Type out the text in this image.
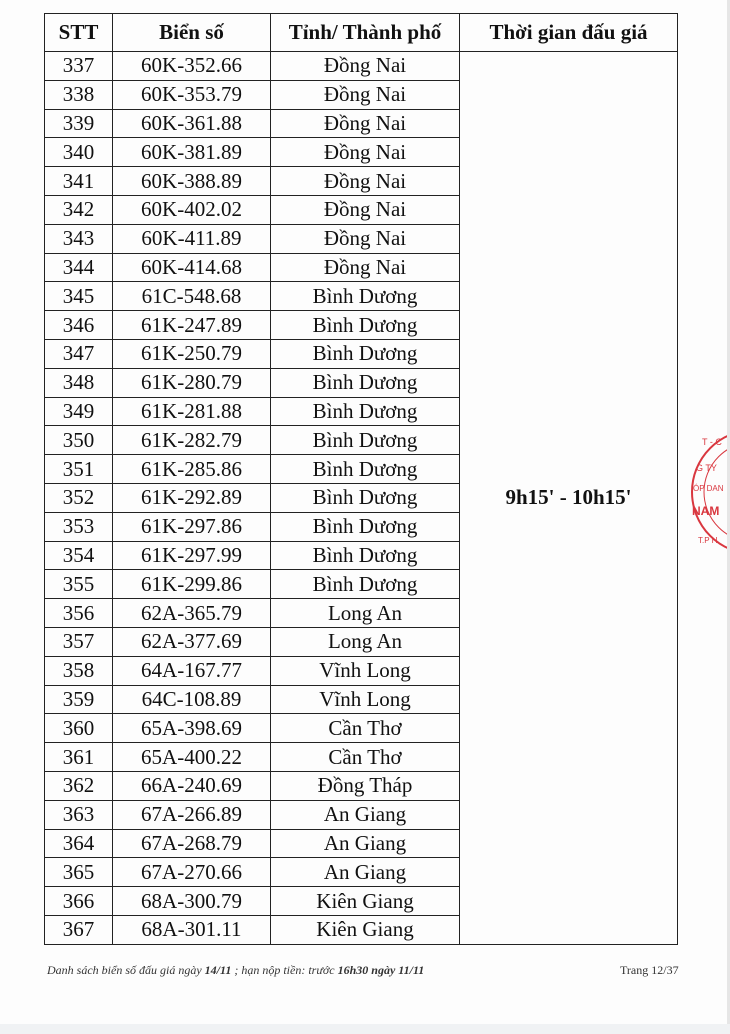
STT	Biển số	Tỉnh/ Thành phố	Thời gian đấu giá
337	60K-352.66	Đồng Nai	9h15' - 10h15'
338	60K-353.79	Đồng Nai	
339	60K-361.88	Đồng Nai	
340	60K-381.89	Đồng Nai	
341	60K-388.89	Đồng Nai	
342	60K-402.02	Đồng Nai	
343	60K-411.89	Đồng Nai	
344	60K-414.68	Đồng Nai	
345	61C-548.68	Bình Dương	
346	61K-247.89	Bình Dương	
347	61K-250.79	Bình Dương	
348	61K-280.79	Bình Dương	
349	61K-281.88	Bình Dương	
350	61K-282.79	Bình Dương	
351	61K-285.86	Bình Dương	
352	61K-292.89	Bình Dương	
353	61K-297.86	Bình Dương	
354	61K-297.99	Bình Dương	
355	61K-299.86	Bình Dương	
356	62A-365.79	Long An	
357	62A-377.69	Long An	
358	64A-167.77	Vĩnh Long	
359	64C-108.89	Vĩnh Long	
360	65A-398.69	Cần Thơ	
361	65A-400.22	Cần Thơ	
362	66A-240.69	Đồng Tháp	
363	67A-266.89	An Giang	
364	67A-268.79	An Giang	
365	67A-270.66	An Giang	
366	68A-300.79	Kiên Giang	
367	68A-301.11	Kiên Giang	
Danh sách biển số đấu giá ngày 14/11 ; hạn nộp tiền: trước 16h30 ngày 11/11	Trang 12/37
T - C
G TY
ÓP DAN
NAM
T.P H
